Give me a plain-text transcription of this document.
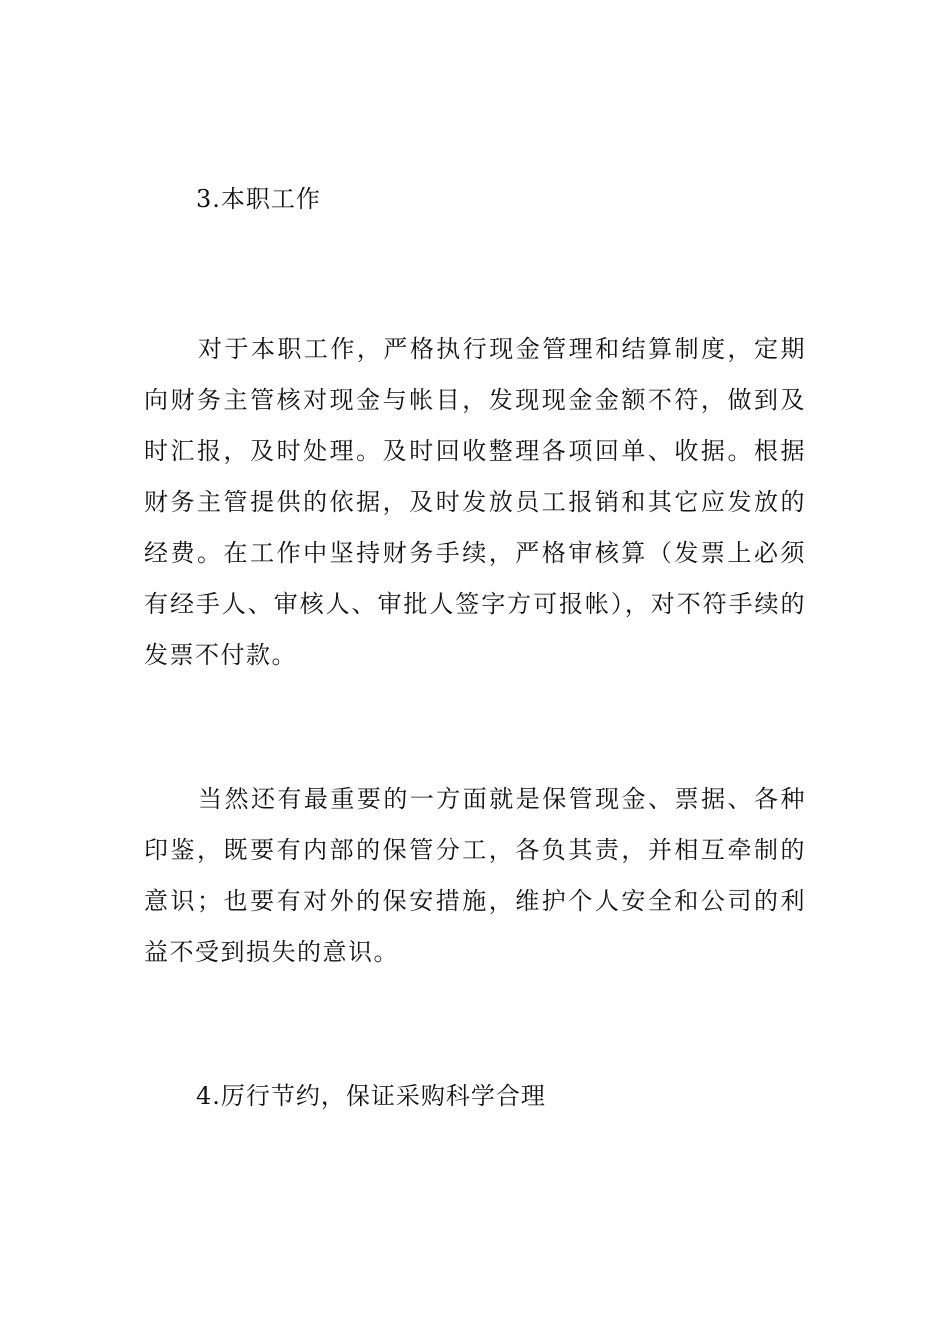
3.本职工作

对于本职工作，严格执行现金管理和结算制度，定期向财务主管核对现金与帐目，发现现金金额不符，做到及时汇报，及时处理。及时回收整理各项回单、收据。根据财务主管提供的依据，及时发放员工报销和其它应发放的经费。在工作中坚持财务手续，严格审核算（发票上必须有经手人、审核人、审批人签字方可报帐），对不符手续的发票不付款。

当然还有最重要的一方面就是保管现金、票据、各种印鉴，既要有内部的保管分工，各负其责，并相互牵制的意识；也要有对外的保安措施，维护个人安全和公司的利益不受到损失的意识。

4.厉行节约，保证采购科学合理
